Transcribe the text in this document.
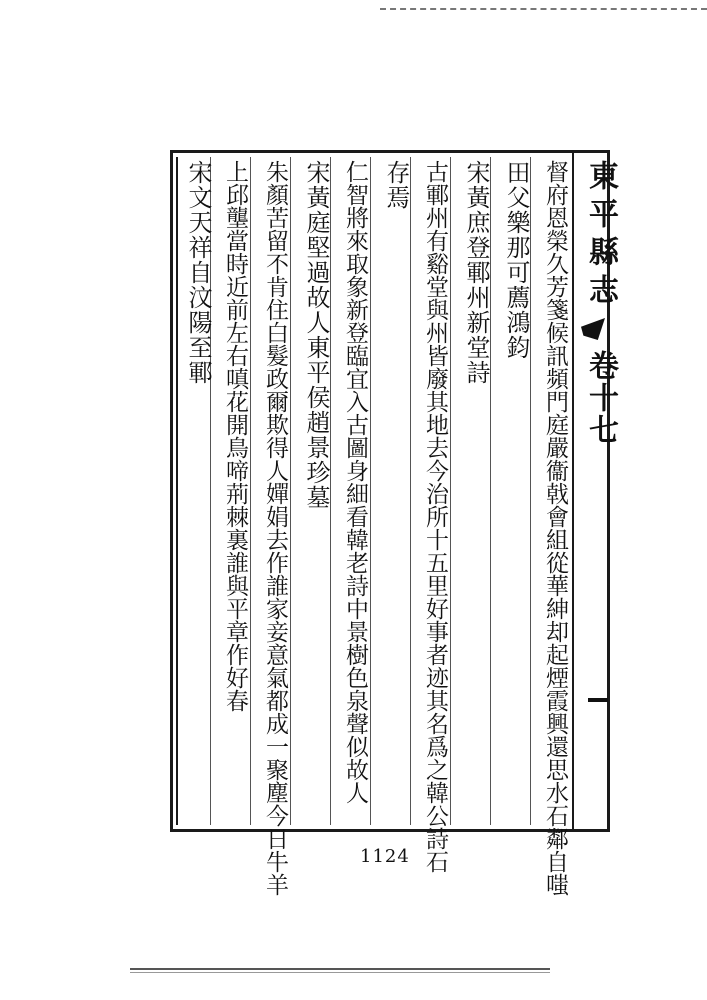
東平縣志
卷十七
督府恩榮久芳箋候訊頻門庭嚴衞戟會組從華紳却起煙霞興還思水石鄰自嗤
田父樂那可薦鴻鈞
宋黃庶登鄆州新堂詩
古鄆州有谿堂與州皆廢其地去今治所十五里好事者迹其名爲之韓公詩石
存焉
仁智將來取象新登臨宜入古圖身細看韓老詩中景樹色泉聲似故人
宋黃庭堅過故人東平侯趙景珍墓
朱顏苦留不肯住白髮政爾欺得人嬋娟去作誰家妾意氣都成一聚塵今日牛羊
上邱壟當時近前左右嗔花開鳥啼荊棘裏誰與平章作好春
宋文天祥自汶陽至鄆
1124
